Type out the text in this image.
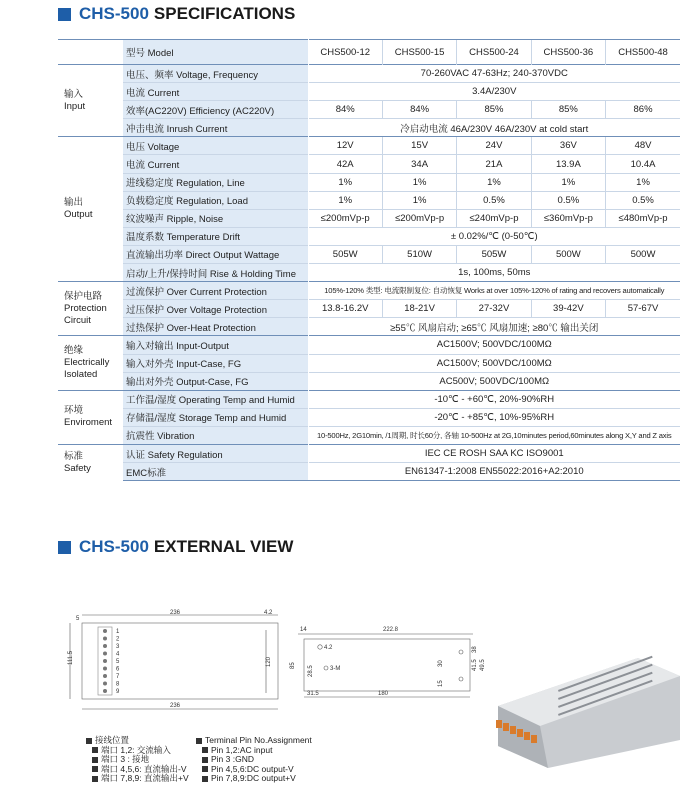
CHS-500 SPECIFICATIONS
	型号 Model	CHS500-12	CHS500-15	CHS500-24	CHS500-36	CHS500-48

输入
Input	电压、频率 Voltage, Frequency	70-260VAC 47-63Hz; 240-370VDC				
	电流 Current	3.4A/230V				
	效率(AC220V) Efficiency (AC220V)	84%	84%	85%	85%	86%
	冲击电流 Inrush Current	冷启动电流 46A/230V 46A/230V at cold start				

输出
Output	电压 Voltage	12V	15V	24V	36V	48V
	电流 Current	42A	34A	21A	13.9A	10.4A
	进线稳定度 Regulation, Line	1%	1%	1%	1%	1%
	负载稳定度 Regulation, Load	1%	1%	0.5%	0.5%	0.5%
	纹波噪声 Ripple, Noise	≤200mVp-p	≤200mVp-p	≤240mVp-p	≤360mVp-p	≤480mVp-p
	温度系数 Temperature Drift	± 0.02%/℃ (0-50℃)				
	直流输出功率 Direct Output Wattage	505W	510W	505W	500W	500W
	启动/上升/保持时间 Rise & Holding Time	1s, 100ms, 50ms				

保护电路
Protection
Circuit	过流保护 Over Current Protection	105%-120% 类型: 电流限制复位: 自动恢复 Works at over 105%-120% of rating and recovers automatically				
	过压保护 Over Voltage Protection	13.8-16.2V	18-21V	27-32V	39-42V	57-67V
	过热保护 Over-Heat Protection	≥55℃ 风扇启动; ≥65℃ 风扇加速; ≥80℃ 输出关闭				

绝缘
Electrically
Isolated	输入对输出 Input-Output	AC1500V; 500VDC/100MΩ				
	输入对外壳 Input-Case, FG	AC1500V; 500VDC/100MΩ				
	输出对外壳 Output-Case, FG	AC500V; 500VDC/100MΩ				

环境
Enviroment	工作温/湿度 Operating Temp and Humid	-10℃ - +60℃, 20%-90%RH				
	存储温/湿度 Storage Temp and Humid	-20℃ - +85℃, 10%-95%RH				
	抗震性 Vibration	10-500Hz, 2G10min, /1周期, 时长60分, 各轴 10-500Hz at 2G,10minutes period,60minutes along X,Y and Z axis				

标准
Safety	认证 Safety Regulation	IEC CE ROSH SAA KC ISO9001				
	EMC标准	EN61347-1:2008 EN55022:2016+A2:2010				
CHS-500 EXTERNAL VIEW
236
5
4.2
111.5	120
1
2
3
4
5
6
7
8
9
236
14	222.8
4.2
3-M
85 28.5
30
15
38
41.5 49.5
31.5	180
接线位置
端口 1,2: 交流输入
端口 3 : 接地
端口 4,5,6: 直流输出-V
端口 7,8,9: 直流输出+V
Terminal Pin No.Assignment
Pin 1,2:AC input
Pin 3 :GND
Pin 4,5,6:DC output-V
Pin 7,8,9:DC output+V
